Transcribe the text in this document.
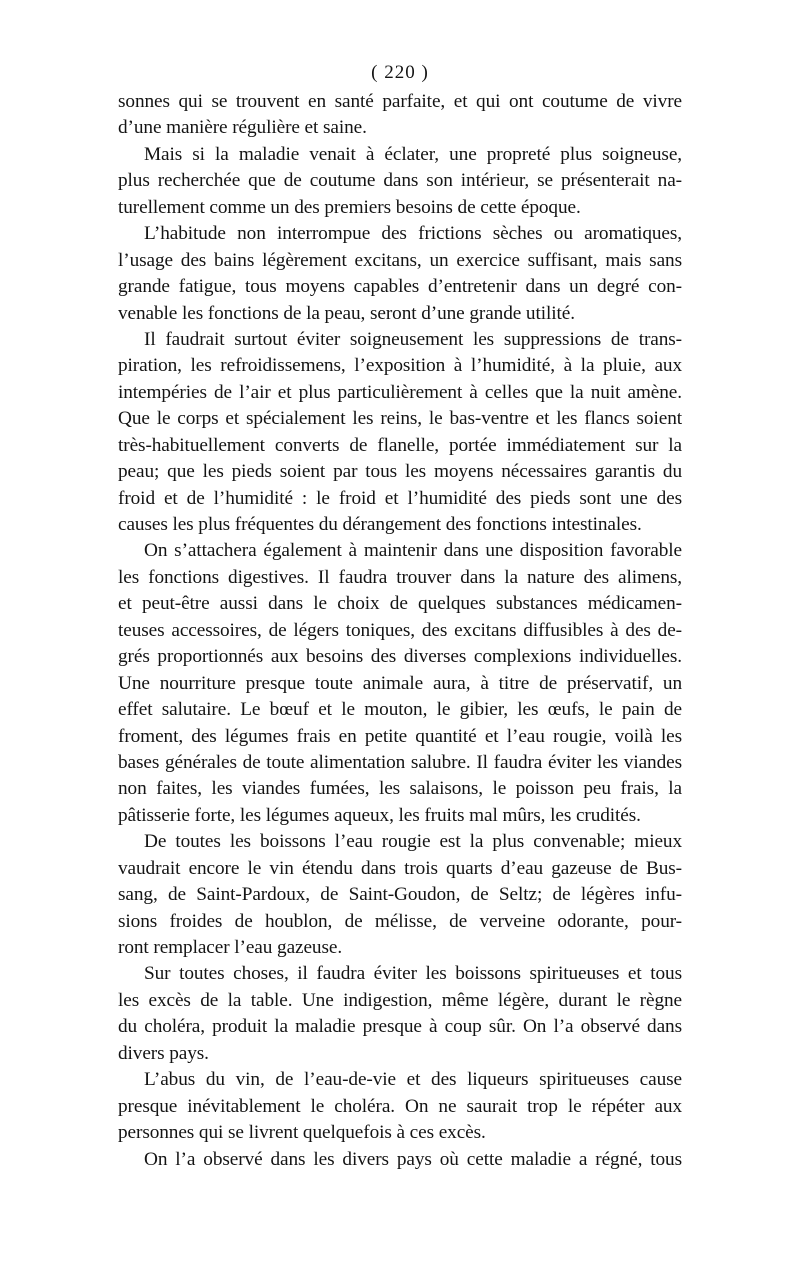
( 220 )
sonnes qui se trouvent en santé parfaite, et qui ont coutume de vivre
d’une manière régulière et saine.
Mais si la maladie venait à éclater, une propreté plus soigneuse,
plus recherchée que de coutume dans son intérieur, se présenterait na-
turellement comme un des premiers besoins de cette époque.
L’habitude non interrompue des frictions sèches ou aromatiques,
l’usage des bains légèrement excitans, un exercice suffisant, mais sans
grande fatigue, tous moyens capables d’entretenir dans un degré con-
venable les fonctions de la peau, seront d’une grande utilité.
Il faudrait surtout éviter soigneusement les suppressions de trans-
piration, les refroidissemens, l’exposition à l’humidité, à la pluie, aux
intempéries de l’air et plus particulièrement à celles que la nuit amène.
Que le corps et spécialement les reins, le bas-ventre et les flancs soient
très-habituellement converts de flanelle, portée immédiatement sur la
peau; que les pieds soient par tous les moyens nécessaires garantis du
froid et de l’humidité : le froid et l’humidité des pieds sont une des
causes les plus fréquentes du dérangement des fonctions intestinales.
On s’attachera également à maintenir dans une disposition favorable
les fonctions digestives. Il faudra trouver dans la nature des alimens,
et peut-être aussi dans le choix de quelques substances médicamen-
teuses accessoires, de légers toniques, des excitans diffusibles à des de-
grés proportionnés aux besoins des diverses complexions individuelles.
Une nourriture presque toute animale aura, à titre de préservatif, un
effet salutaire. Le bœuf et le mouton, le gibier, les œufs, le pain de
froment, des légumes frais en petite quantité et l’eau rougie, voilà les
bases générales de toute alimentation salubre. Il faudra éviter les viandes
non faites, les viandes fumées, les salaisons, le poisson peu frais, la
pâtisserie forte, les légumes aqueux, les fruits mal mûrs, les crudités.
De toutes les boissons l’eau rougie est la plus convenable; mieux
vaudrait encore le vin étendu dans trois quarts d’eau gazeuse de Bus-
sang, de Saint-Pardoux, de Saint-Goudon, de Seltz; de légères infu-
sions froides de houblon, de mélisse, de verveine odorante, pour-
ront remplacer l’eau gazeuse.
Sur toutes choses, il faudra éviter les boissons spiritueuses et tous
les excès de la table. Une indigestion, même légère, durant le règne
du choléra, produit la maladie presque à coup sûr. On l’a observé dans
divers pays.
L’abus du vin, de l’eau-de-vie et des liqueurs spiritueuses cause
presque inévitablement le choléra. On ne saurait trop le répéter aux
personnes qui se livrent quelquefois à ces excès.
On l’a observé dans les divers pays où cette maladie a régné, tous
